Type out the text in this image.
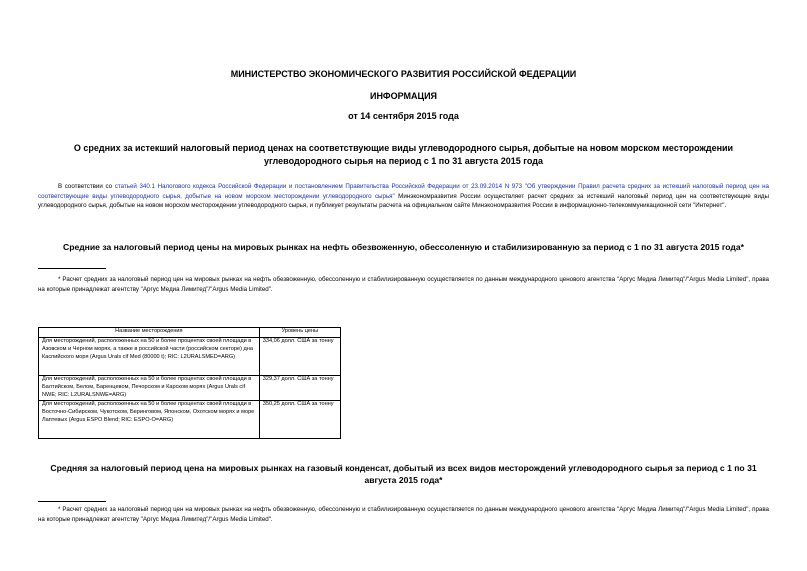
МИНИСТЕРСТВО ЭКОНОМИЧЕСКОГО РАЗВИТИЯ РОССИЙСКОЙ ФЕДЕРАЦИИ
ИНФОРМАЦИЯ
от 14 сентября 2015 года
О средних за истекший налоговый период ценах на соответствующие виды углеводородного сырья, добытые на новом морском месторождении углеводородного сырья на период с 1 по 31 августа 2015 года
В соответствии со статьей 340.1 Налогового кодекса Российской Федерации и постановлением Правительства Российской Федерации от 23.09.2014 N 973 "Об утверждении Правил расчета средних за истекший налоговый период цен на соответствующие виды углеводородного сырья, добытые на новом морском месторождении углеводородного сырья" Минэкономразвития России осуществляет расчет средних за истекший налоговый период цен на соответствующие виды углеводородного сырья, добытые на новом морском месторождении углеводородного сырья, и публикует результаты расчета на официальном сайте Минэкономразвития России в информационно-телекоммуникационной сети "Интернет".
Средние за налоговый период цены на мировых рынках на нефть обезвоженную, обессоленную и стабилизированную за период с 1 по 31 августа 2015 года*
* Расчет средних за налоговый период цен на мировых рынках на нефть обезвоженную, обессоленную и стабилизированную осуществляется по данным международного ценового агентства "Аргус Медиа Лимитед"/"Argus Media Limited", права на которые принадлежат агентству "Аргус Медиа Лимитед"/"Argus Media Limited".
Название месторождения	Уровень цены
Для месторождений, расположенных на 50 и более процентах своей площади в Азовском и Черном морях, а также в российской части (российском секторе) дна Каспийского моря (Argus Urals cif Med (80000 t); RIC: L2URALSMED=ARG)	334,06 долл. США за тонну
Для месторождений, расположенных на 50 и более процентах своей площади в Балтийском, Белом, Баренцевом, Печорском и Карском морях (Argus Urals cif NWE; RIC: L2URALSNWE=ARG)	329,37 долл. США за тонну
Для месторождений, расположенных на 50 и более процентах своей площади в Восточно-Сибирском, Чукотском, Беринговом, Японском, Охотском морях и море Лаптевых (Argus ESPO Blend; RIC: ESPO-O=ARG)	350,25 долл. США за тонну
Средняя за налоговый период цена на мировых рынках на газовый конденсат, добытый из всех видов месторождений углеводородного сырья за период с 1 по 31 августа 2015 года*
* Расчет средних за налоговый период цен на мировых рынках на нефть обезвоженную, обессоленную и стабилизированную осуществляется по данным международного ценового агентства "Аргус Медиа Лимитед"/"Argus Media Limited", права на которые принадлежат агентству "Аргус Медиа Лимитед"/"Argus Media Limited".
